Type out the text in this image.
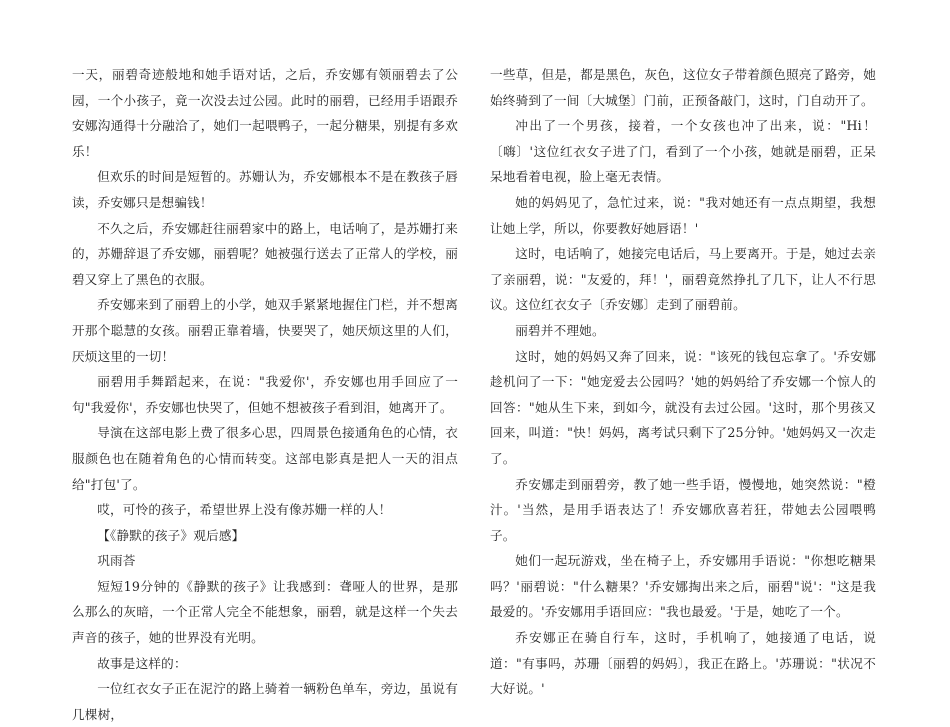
一天，丽碧奇迹般地和她手语对话，之后，乔安娜有领丽碧去了公园，一个小孩子，竟一次没去过公园。此时的丽碧，已经用手语跟乔安娜沟通得十分融洽了，她们一起喂鸭子，一起分糖果，别提有多欢乐！

但欢乐的时间是短暂的。苏姗认为，乔安娜根本不是在教孩子唇读，乔安娜只是想骗钱！

不久之后，乔安娜赶往丽碧家中的路上，电话响了，是苏姗打来的，苏姗辞退了乔安娜，丽碧呢？她被强行送去了正常人的学校，丽碧又穿上了黑色的衣服。

乔安娜来到了丽碧上的小学，她双手紧紧地握住门栏，并不想离开那个聪慧的女孩。丽碧正靠着墙，快要哭了，她厌烦这里的人们，厌烦这里的一切！

丽碧用手舞蹈起来，在说："我爱你'，乔安娜也用手回应了一句"我爱你'，乔安娜也快哭了，但她不想被孩子看到泪，她离开了。

导演在这部电影上费了很多心思，四周景色接通角色的心情，衣服颜色也在随着角色的心情而转变。这部电影真是把人一天的泪点给"打包'了。

哎，可怜的孩子，希望世界上没有像苏姗一样的人！

【《静默的孩子》观后感】

巩雨荅

短短19分钟的《静默的孩子》让我感到：聋哑人的世界，是那么那么的灰暗，一个正常人完全不能想象，丽碧，就是这样一个失去声音的孩子，她的世界没有光明。

故事是这样的：

一位红衣女子正在泥泞的路上骑着一辆粉色单车，旁边，虽说有几棵树，

一些草，但是，都是黑色，灰色，这位女子带着颜色照亮了路旁，她始终骑到了一间〔大城堡〕门前，正预备敲门，这时，门自动开了。

冲出了一个男孩，接着，一个女孩也冲了出来，说："Hi！〔嗨〕'这位红衣女子进了门，看到了一个小孩，她就是丽碧，正呆呆地看着电视，脸上毫无表情。

她的妈妈见了，急忙过来，说："我对她还有一点点期望，我想让她上学，所以，你要教好她唇语！'

这时，电话响了，她接完电话后，马上要离开。于是，她过去亲了亲丽碧，说："友爱的，拜！'，丽碧竟然挣扎了几下，让人不行思议。这位红衣女子〔乔安娜〕走到了丽碧前。

丽碧并不理她。

这时，她的妈妈又奔了回来，说："该死的钱包忘拿了。'乔安娜趁机问了一下："她宠爱去公园吗？'她的妈妈给了乔安娜一个惊人的回答："她从生下来，到如今，就没有去过公园。'这时，那个男孩又回来，叫道："快！妈妈，离考试只剩下了25分钟。'她妈妈又一次走了。

乔安娜走到丽碧旁，教了她一些手语，慢慢地，她突然说："橙汁。'当然，是用手语表达了！乔安娜欣喜若狂，带她去公园喂鸭子。

她们一起玩游戏，坐在椅子上，乔安娜用手语说："你想吃糖果吗？'丽碧说："什么糖果？'乔安娜掏出来之后，丽碧"说'："这是我最爱的。'乔安娜用手语回应："我也最爱。'于是，她吃了一个。

乔安娜正在骑自行车，这时，手机响了，她接通了电话，说道："有事吗，苏珊〔丽碧的妈妈〕，我正在路上。'苏珊说："状况不大好说。'
